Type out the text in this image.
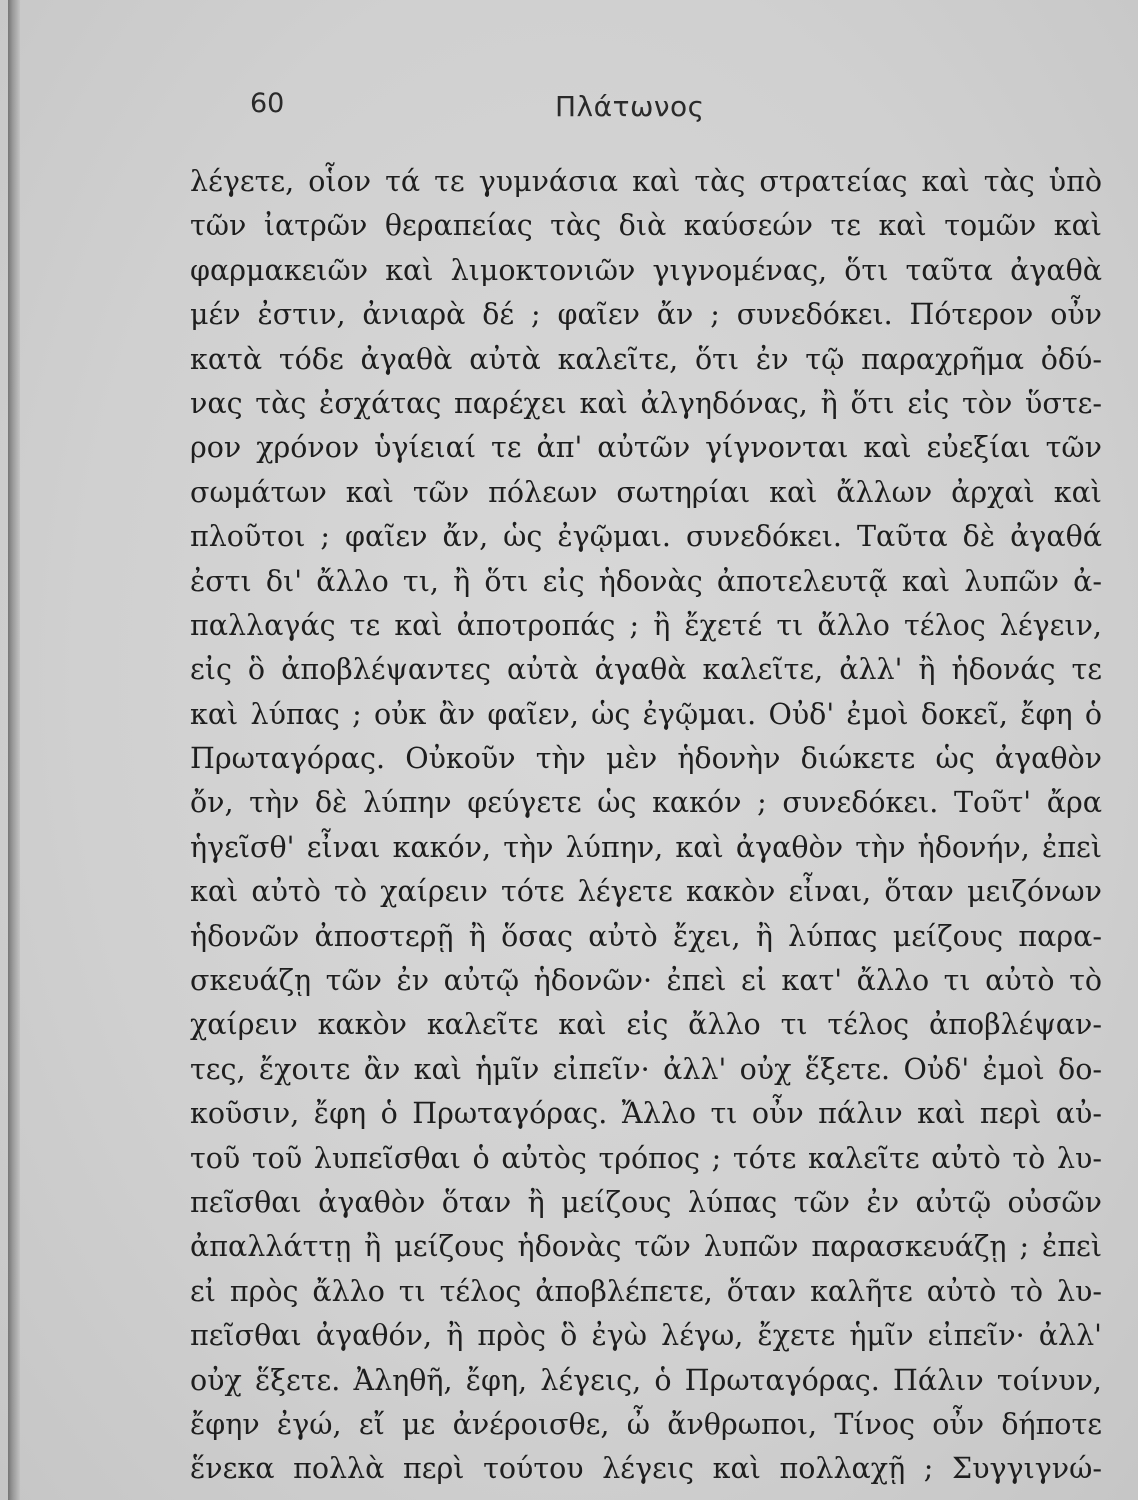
60	Πλάτωνος
λέγετε, οἷον τά τε γυμνάσια καὶ τὰς στρατείας καὶ τὰς ὑπὸ
τῶν ἰατρῶν θεραπείας τὰς διὰ καύσεών τε καὶ τομῶν καὶ
φαρμακειῶν καὶ λιμοκτονιῶν γιγνομένας, ὅτι ταῦτα ἀγαθὰ
μέν ἐστιν, ἀνιαρὰ δέ ; φαῖεν ἄν ; συνεδόκει. Πότερον οὖν
κατὰ τόδε ἀγαθὰ αὐτὰ καλεῖτε, ὅτι ἐν τῷ παραχρῆμα ὀδύ-
νας τὰς ἐσχάτας παρέχει καὶ ἀλγηδόνας, ἢ ὅτι εἰς τὸν ὕστε-
ρον χρόνον ὑγίειαί τε ἀπ' αὐτῶν γίγνονται καὶ εὐεξίαι τῶν
σωμάτων καὶ τῶν πόλεων σωτηρίαι καὶ ἄλλων ἀρχαὶ καὶ
πλοῦτοι ; φαῖεν ἄν, ὡς ἐγῷμαι. συνεδόκει. Ταῦτα δὲ ἀγαθά
ἐστι δι' ἄλλο τι, ἢ ὅτι εἰς ἡδονὰς ἀποτελευτᾷ καὶ λυπῶν ἀ-
παλλαγάς τε καὶ ἀποτροπάς ; ἢ ἔχετέ τι ἄλλο τέλος λέγειν,
εἰς ὃ ἀποβλέψαντες αὐτὰ ἀγαθὰ καλεῖτε, ἀλλ' ἢ ἡδονάς τε
καὶ λύπας ; οὐκ ἂν φαῖεν, ὡς ἐγῷμαι. Οὐδ' ἐμοὶ δοκεῖ, ἔφη ὁ
Πρωταγόρας. Οὐκοῦν τὴν μὲν ἡδονὴν διώκετε ὡς ἀγαθὸν
ὄν, τὴν δὲ λύπην φεύγετε ὡς κακόν ; συνεδόκει. Τοῦτ' ἄρα
ἡγεῖσθ' εἶναι κακόν, τὴν λύπην, καὶ ἀγαθὸν τὴν ἡδονήν, ἐπεὶ
καὶ αὐτὸ τὸ χαίρειν τότε λέγετε κακὸν εἶναι, ὅταν μειζόνων
ἡδονῶν ἀποστερῇ ἢ ὅσας αὐτὸ ἔχει, ἢ λύπας μείζους παρα-
σκευάζῃ τῶν ἐν αὐτῷ ἡδονῶν· ἐπεὶ εἰ κατ' ἄλλο τι αὐτὸ τὸ
χαίρειν κακὸν καλεῖτε καὶ εἰς ἄλλο τι τέλος ἀποβλέψαν-
τες, ἔχοιτε ἂν καὶ ἡμῖν εἰπεῖν· ἀλλ' οὐχ ἕξετε. Οὐδ' ἐμοὶ δο-
κοῦσιν, ἔφη ὁ Πρωταγόρας. Ἄλλο τι οὖν πάλιν καὶ περὶ αὐ-
τοῦ τοῦ λυπεῖσθαι ὁ αὐτὸς τρόπος ; τότε καλεῖτε αὐτὸ τὸ λυ-
πεῖσθαι ἀγαθὸν ὅταν ἢ μείζους λύπας τῶν ἐν αὐτῷ οὐσῶν
ἀπαλλάττῃ ἢ μείζους ἡδονὰς τῶν λυπῶν παρασκευάζῃ ; ἐπεὶ
εἰ πρὸς ἄλλο τι τέλος ἀποβλέπετε, ὅταν καλῆτε αὐτὸ τὸ λυ-
πεῖσθαι ἀγαθόν, ἢ πρὸς ὃ ἐγὼ λέγω, ἔχετε ἡμῖν εἰπεῖν· ἀλλ'
οὐχ ἕξετε. Ἀληθῆ, ἔφη, λέγεις, ὁ Πρωταγόρας. Πάλιν τοίνυν,
ἔφην ἐγώ, εἴ με ἀνέροισθε, ὦ ἄνθρωποι, Τίνος οὖν δήποτε
ἕνεκα πολλὰ περὶ τούτου λέγεις καὶ πολλαχῇ ; Συγγιγνώ-
